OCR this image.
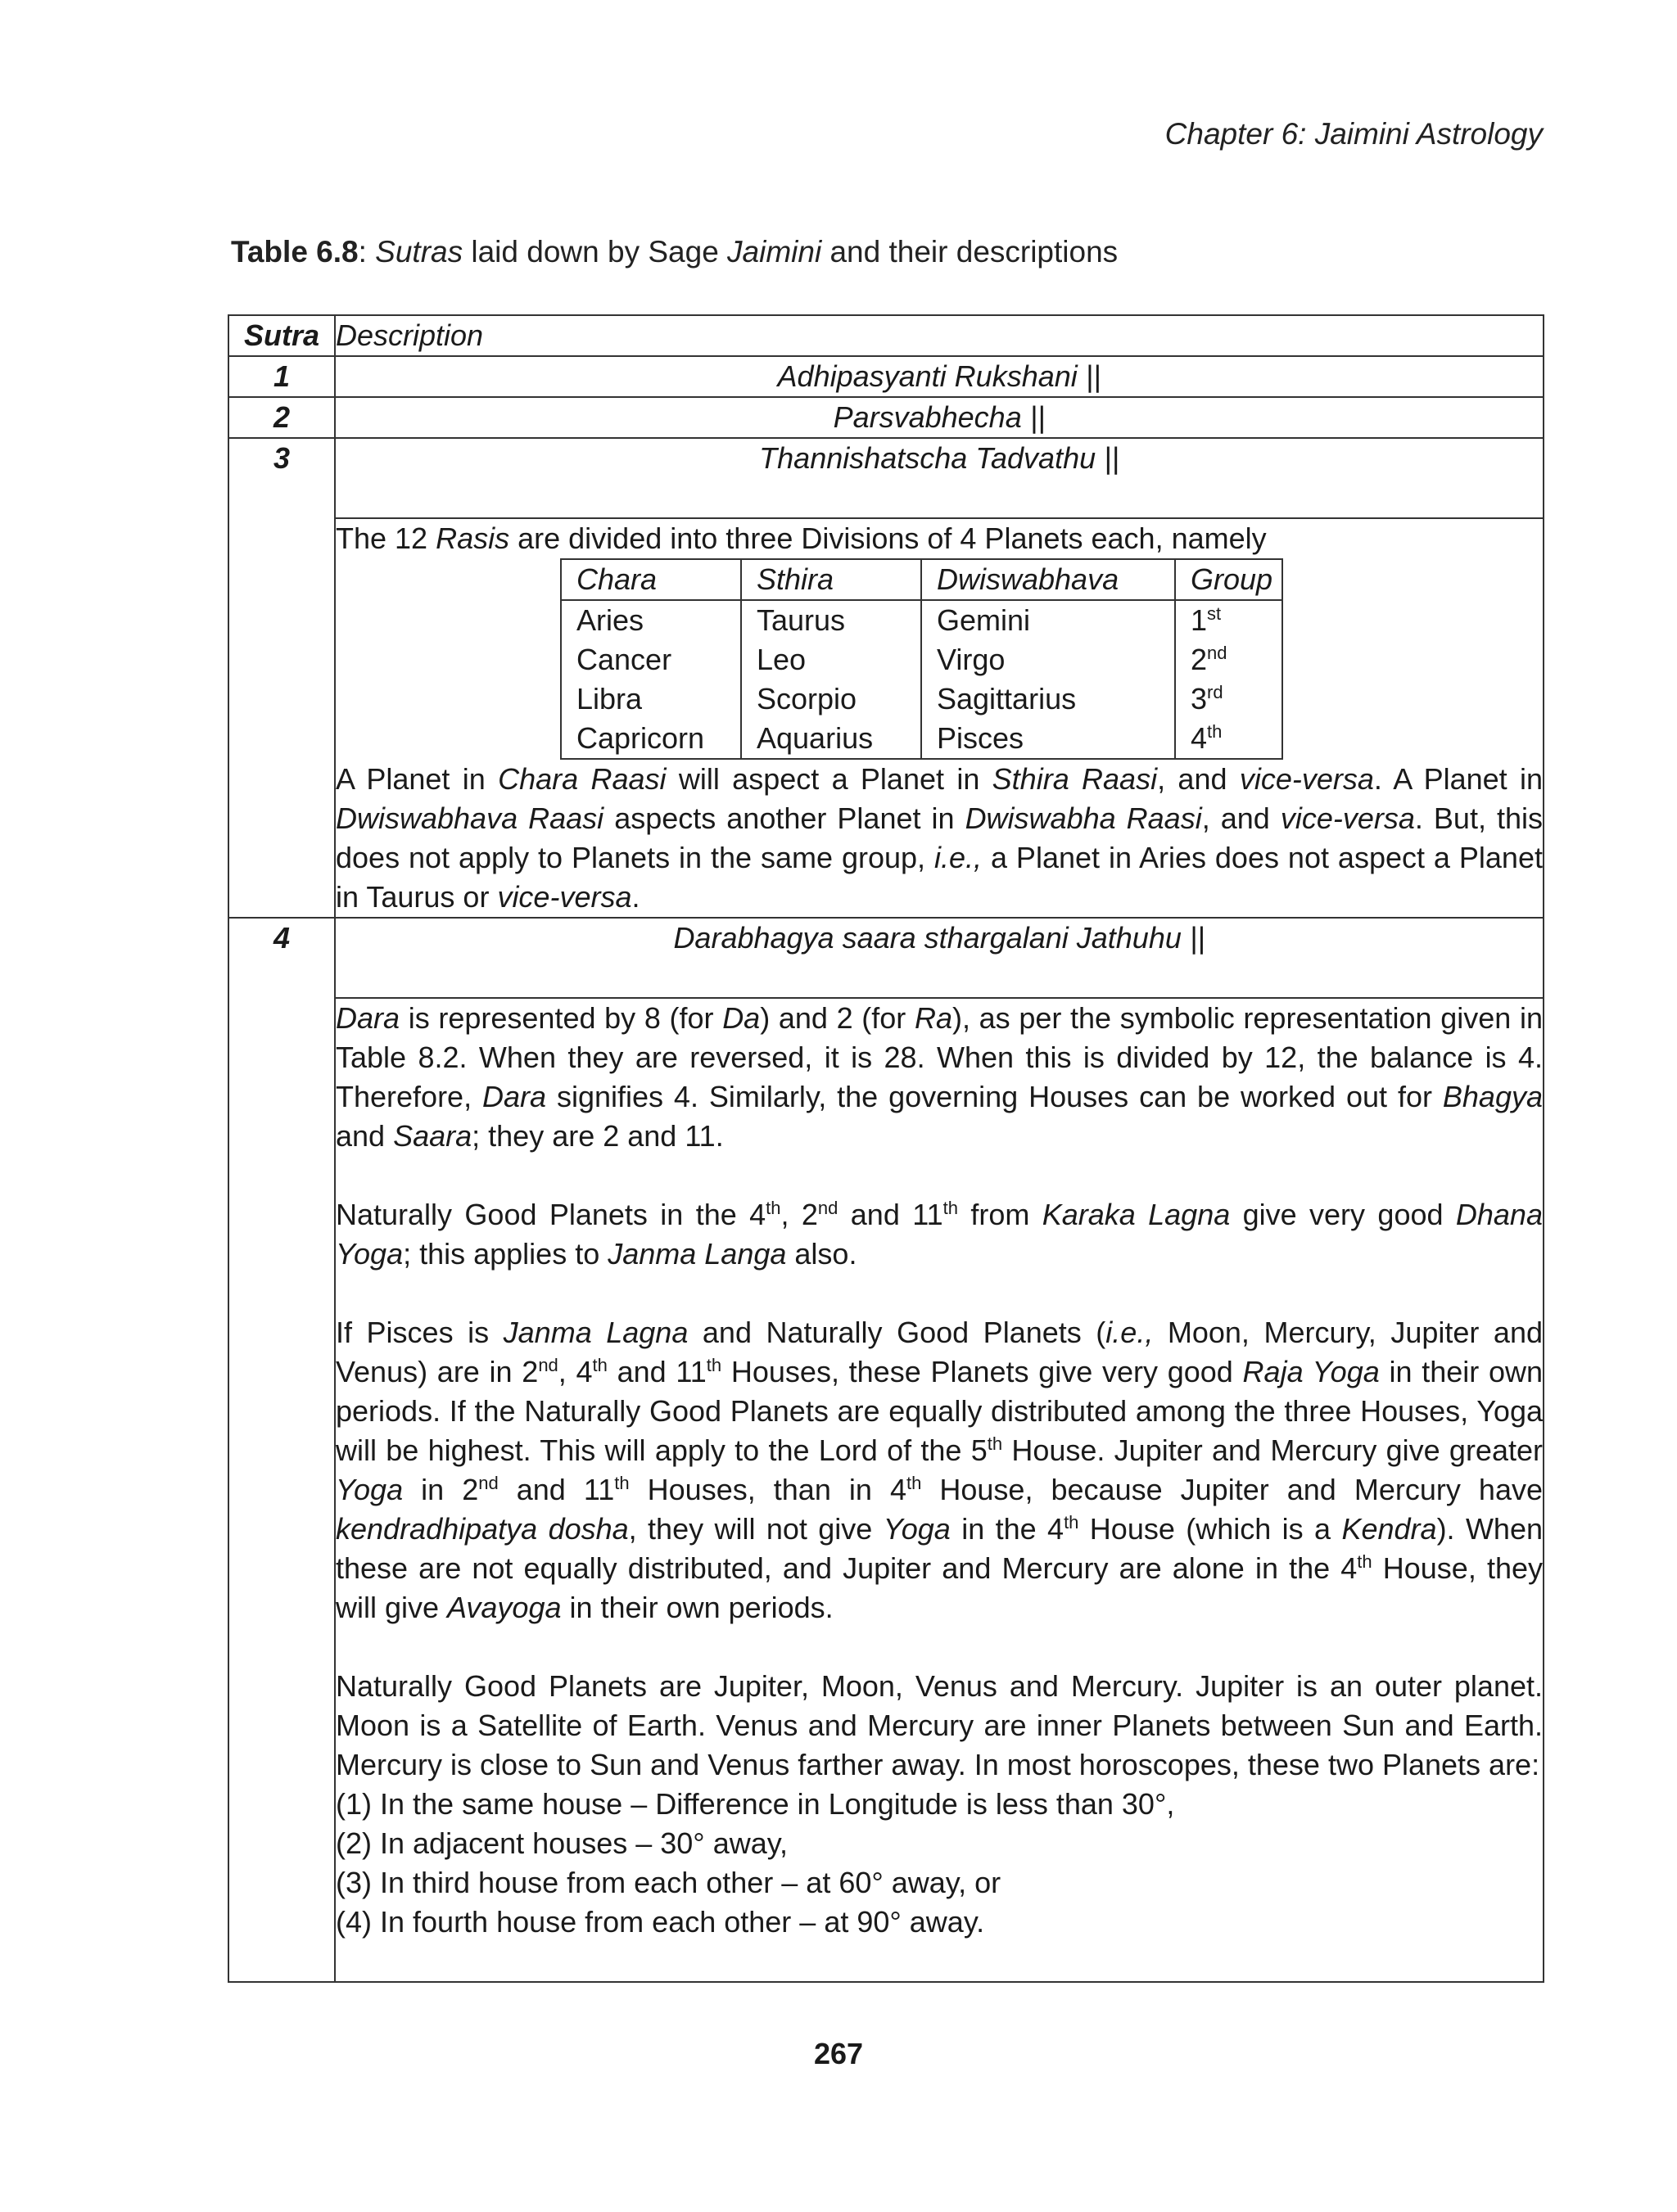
Chapter 6: Jaimini Astrology
Table 6.8: Sutras laid down by Sage Jaimini and their descriptions
Sutra	Description
1	Adhipasyanti Rukshani ||
2	Parsvabhecha ||
3	Thannishatscha Tadvathu ||

The 12 Rasis are divided into three Divisions of 4 Planets each, namely
Chara	Sthira	Dwiswabhava	Group
Aries	Taurus	Gemini	1st
Cancer	Leo	Virgo	2nd
Libra	Scorpio	Sagittarius	3rd
Capricorn	Aquarius	Pisces	4th
A Planet in Chara Raasi will aspect a Planet in Sthira Raasi, and vice-versa. A Planet in Dwiswabhava Raasi aspects another Planet in Dwiswabha Raasi, and vice-versa. But, this does not apply to Planets in the same group, i.e., a Planet in Aries does not aspect a Planet in Taurus or vice-versa.

4	Darabhagya saara sthargalani Jathuhu ||

Dara is represented by 8 (for Da) and 2 (for Ra), as per the symbolic representation given in Table 8.2. When they are reversed, it is 28. When this is divided by 12, the balance is 4. Therefore, Dara signifies 4. Similarly, the governing Houses can be worked out for Bhagya and Saara; they are 2 and 11.
Naturally Good Planets in the 4th, 2nd and 11th from Karaka Lagna give very good Dhana Yoga; this applies to Janma Langa also.
If Pisces is Janma Lagna and Naturally Good Planets (i.e., Moon, Mercury, Jupiter and Venus) are in 2nd, 4th and 11th Houses, these Planets give very good Raja Yoga in their own periods. If the Naturally Good Planets are equally distributed among the three Houses, Yoga will be highest. This will apply to the Lord of the 5th House. Jupiter and Mercury give greater Yoga in 2nd and 11th Houses, than in 4th House, because Jupiter and Mercury have kendradhipatya dosha, they will not give Yoga in the 4th House (which is a Kendra). When these are not equally distributed, and Jupiter and Mercury are alone in the 4th House, they will give Avayoga in their own periods.
Naturally Good Planets are Jupiter, Moon, Venus and Mercury. Jupiter is an outer planet. Moon is a Satellite of Earth. Venus and Mercury are inner Planets between Sun and Earth. Mercury is close to Sun and Venus farther away. In most horoscopes, these two Planets are:
(1) In the same house – Difference in Longitude is less than 30°,
(2) In adjacent houses – 30° away,
(3) In third house from each other – at 60° away, or
(4) In fourth house from each other – at 90° away.
267
